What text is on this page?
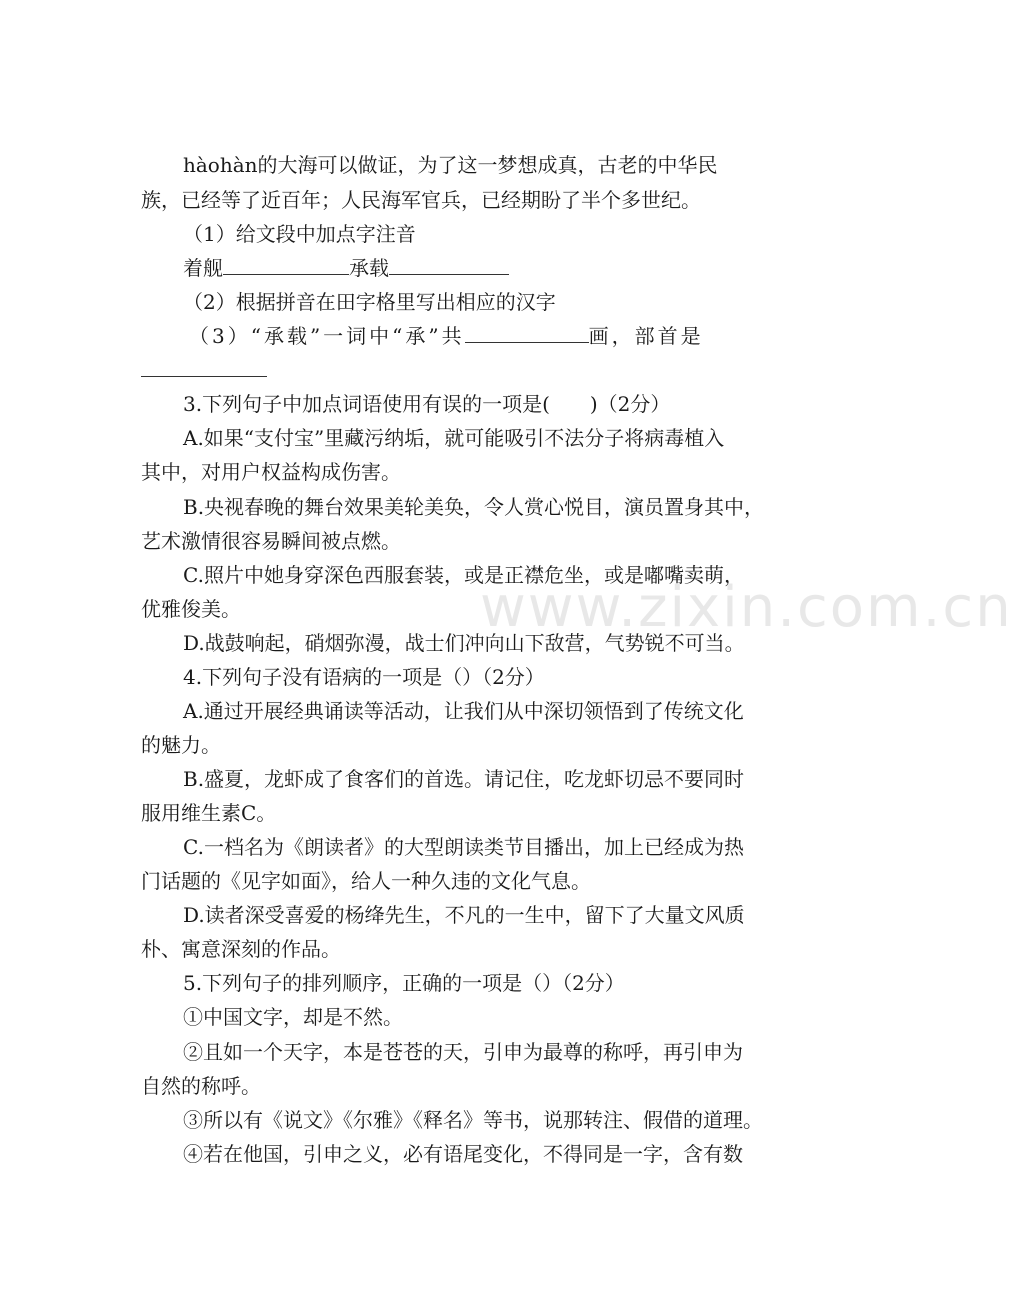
hàohàn的大海可以做证，为了这一梦想成真，古老的中华民
族，已经等了近百年；人民海军官兵，已经期盼了半个多世纪。
（1）给文段中加点字注音
着舰	承载
（2）根据拼音在田字格里写出相应的汉字
（3）“承载”一词中“承”共	画，部首是
3.下列句子中加点词语使用有误的一项是(　　)（2分）
A.如果“支付宝”里藏污纳垢，就可能吸引不法分子将病毒植入
其中，对用户权益构成伤害。
B.央视春晚的舞台效果美轮美奂，令人赏心悦目，演员置身其中，
艺术激情很容易瞬间被点燃。
C.照片中她身穿深色西服套装，或是正襟危坐，或是嘟嘴卖萌，
优雅俊美。
D.战鼓响起，硝烟弥漫，战士们冲向山下敌营，气势锐不可当。
4.下列句子没有语病的一项是（）（2分）
A.通过开展经典诵读等活动，让我们从中深切领悟到了传统文化
的魅力。
B.盛夏，龙虾成了食客们的首选。请记住，吃龙虾切忌不要同时
服用维生素C。
C.一档名为《朗读者》的大型朗读类节目播出，加上已经成为热
门话题的《见字如面》，给人一种久违的文化气息。
D.读者深受喜爱的杨绛先生，不凡的一生中，留下了大量文风质
朴、寓意深刻的作品。
5.下列句子的排列顺序，正确的一项是（）（2分）
①中国文字，却是不然。
②且如一个天字，本是苍苍的天，引申为最尊的称呼，再引申为
自然的称呼。
③所以有《说文》《尔雅》《释名》等书，说那转注、假借的道理。
④若在他国，引申之义，必有语尾变化，不得同是一字，含有数
www.zixin.com.cn
